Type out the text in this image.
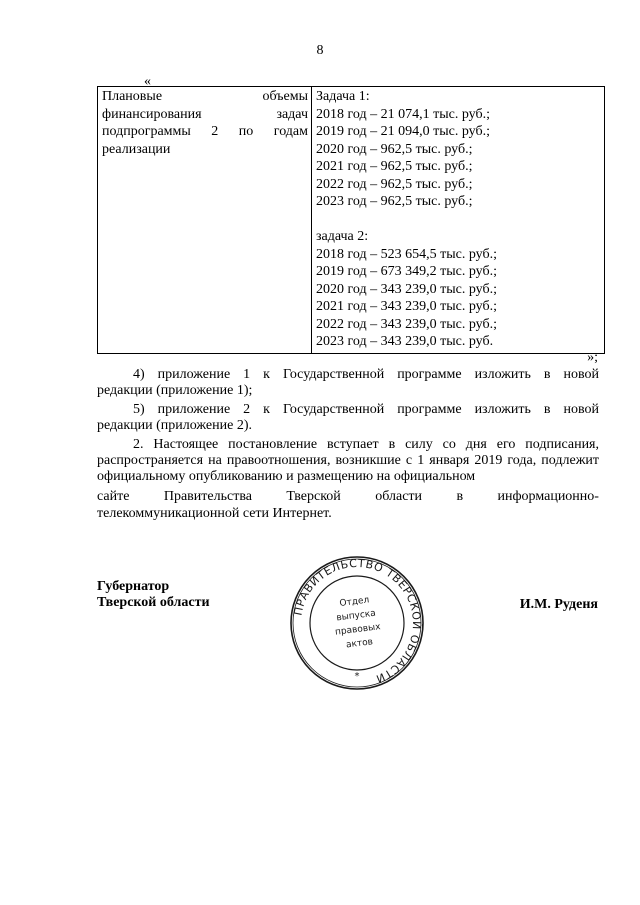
8
«
Плановые	объемы
финансирования	задач
подпрограммы 2 по годам
реализации

Задача 1:
2018 год – 21 074,1 тыс. руб.;
2019 год – 21 094,0 тыс. руб.;
2020 год – 962,5 тыс. руб.;
2021 год – 962,5 тыс. руб.;
2022 год – 962,5 тыс. руб.;
2023 год – 962,5 тыс. руб.;
задача 2:
2018 год – 523 654,5 тыс. руб.;
2019 год – 673 349,2 тыс. руб.;
2020 год – 343 239,0 тыс. руб.;
2021 год – 343 239,0 тыс. руб.;
2022 год – 343 239,0 тыс. руб.;
2023 год – 343 239,0 тыс. руб.
»;
4) приложение 1 к Государственной программе изложить в новой
редакции (приложение 1);
5) приложение 2 к Государственной программе изложить в новой
редакции (приложение 2).
2. Настоящее постановление вступает в силу со дня его подписания, распространяется на правоотношения, возникшие с 1 января 2019 года, подлежит официальному опубликованию и размещению на официальном
сайте Правительства Тверской области в информационно-
телекоммуникационной сети Интернет.
Губернатор
Тверской области	И.М. Руденя
ПРАВИТЕЛЬСТВО ТВЕРСКОЙ ОБЛАСТИ
*
Отдел
выпуска
правовых
актов
